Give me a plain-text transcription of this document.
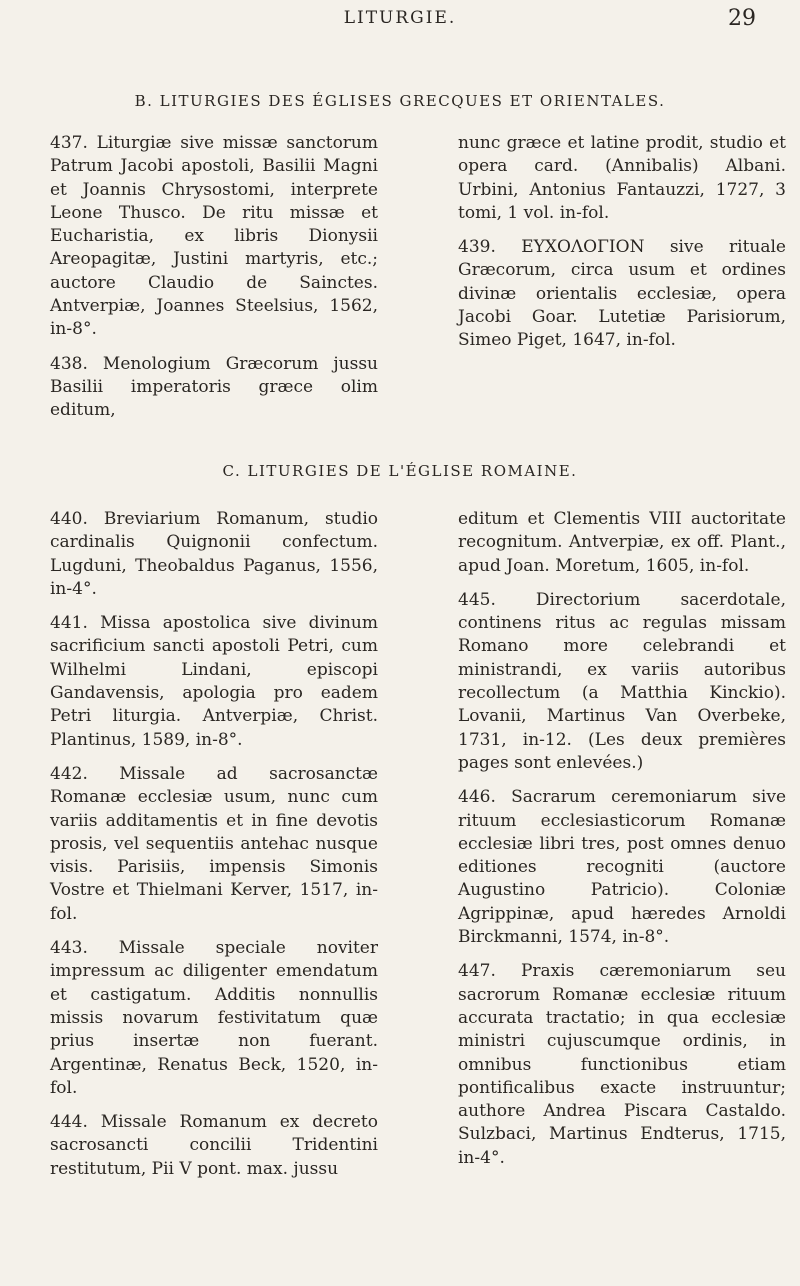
LITURGIE.	29
B. LITURGIES DES ÉGLISES GRECQUES ET ORIENTALES.

437. Liturgiæ sive missæ sanctorum Patrum Jacobi apostoli, Basilii Magni et Joannis Chrysostomi, interprete Leone Thusco. De ritu missæ et Eucharistia, ex libris Dionysii Areopagitæ, Justini martyris, etc.; auctore Claudio de Sainctes. Antverpiæ, Joannes Steelsius, 1562, in-8°.

438. Menologium Græcorum jussu Basilii imperatoris græce olim editum,

nunc græce et latine prodit, studio et opera card. (Annibalis) Albani. Urbini, Antonius Fantauzzi, 1727, 3 tomi, 1 vol. in-fol.

439. ΕΥΧΟΛΟΓΙΟΝ sive rituale Græcorum, circa usum et ordines divinæ orientalis ecclesiæ, opera Jacobi Goar. Lutetiæ Parisiorum, Simeo Piget, 1647, in-fol.

C. LITURGIES DE L'ÉGLISE ROMAINE.

440. Breviarium Romanum, studio cardinalis Quignonii confectum. Lugduni, Theobaldus Paganus, 1556, in-4°.

441. Missa apostolica sive divinum sacrificium sancti apostoli Petri, cum Wilhelmi Lindani, episcopi Gandavensis, apologia pro eadem Petri liturgia. Antverpiæ, Christ. Plantinus, 1589, in-8°.

442. Missale ad sacrosanctæ Romanæ ecclesiæ usum, nunc cum variis additamentis et in fine devotis prosis, vel sequentiis antehac nusque visis. Parisiis, impensis Simonis Vostre et Thielmani Kerver, 1517, in-fol.

443. Missale speciale noviter impressum ac diligenter emendatum et castigatum. Additis nonnullis missis novarum festivitatum quæ prius insertæ non fuerant. Argentinæ, Renatus Beck, 1520, in-fol.

444. Missale Romanum ex decreto sacrosancti concilii Tridentini restitutum, Pii V pont. max. jussu

editum et Clementis VIII auctoritate recognitum. Antverpiæ, ex off. Plant., apud Joan. Moretum, 1605, in-fol.

445. Directorium sacerdotale, continens ritus ac regulas missam Romano more celebrandi et ministrandi, ex variis autoribus recollectum (a Matthia Kinckio). Lovanii, Martinus Van Overbeke, 1731, in-12. (Les deux premières pages sont enlevées.)

446. Sacrarum ceremoniarum sive rituum ecclesiasticorum Romanæ ecclesiæ libri tres, post omnes denuo editiones recogniti (auctore Augustino Patricio). Coloniæ Agrippinæ, apud hæredes Arnoldi Birckmanni, 1574, in-8°.

447. Praxis cæremoniarum seu sacrorum Romanæ ecclesiæ rituum accurata tractatio; in qua ecclesiæ ministri cujuscumque ordinis, in omnibus functionibus etiam pontificalibus exacte instruuntur; authore Andrea Piscara Castaldo. Sulzbaci, Martinus Endterus, 1715, in-4°.
